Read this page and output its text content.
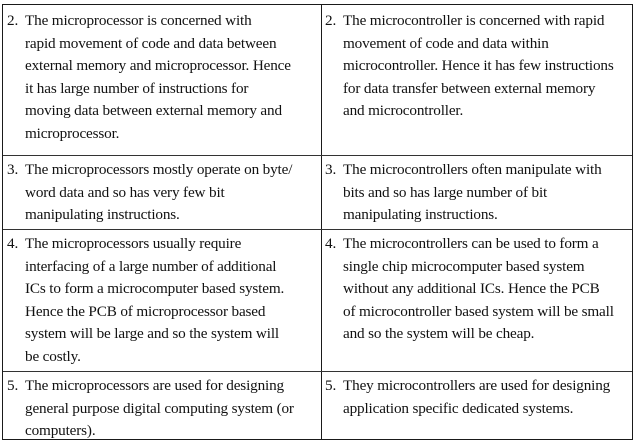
2. The microprocessor is concerned with
rapid movement of code and data between
external memory and microprocessor. Hence
it has large number of instructions for
moving data between external memory and
microprocessor.
2. The microcontroller is concerned with rapid
movement of code and data within
microcontroller. Hence it has few instructions
for data transfer between external memory
and microcontroller.
3. The microprocessors mostly operate on byte/
word data and so has very few bit
manipulating instructions.
3. The microcontrollers often manipulate with
bits and so has large number of bit
manipulating instructions.
4. The microprocessors usually require
interfacing of a large number of additional
ICs to form a microcomputer based system.
Hence the PCB of microprocessor based
system will be large and so the system will
be costly.
4. The microcontrollers can be used to form a
single chip microcomputer based system
without any additional ICs. Hence the PCB
of microcontroller based system will be small
and so the system will be cheap.
5. The microprocessors are used for designing
general purpose digital computing system (or
computers).
5. They microcontrollers are used for designing
application specific dedicated systems.
